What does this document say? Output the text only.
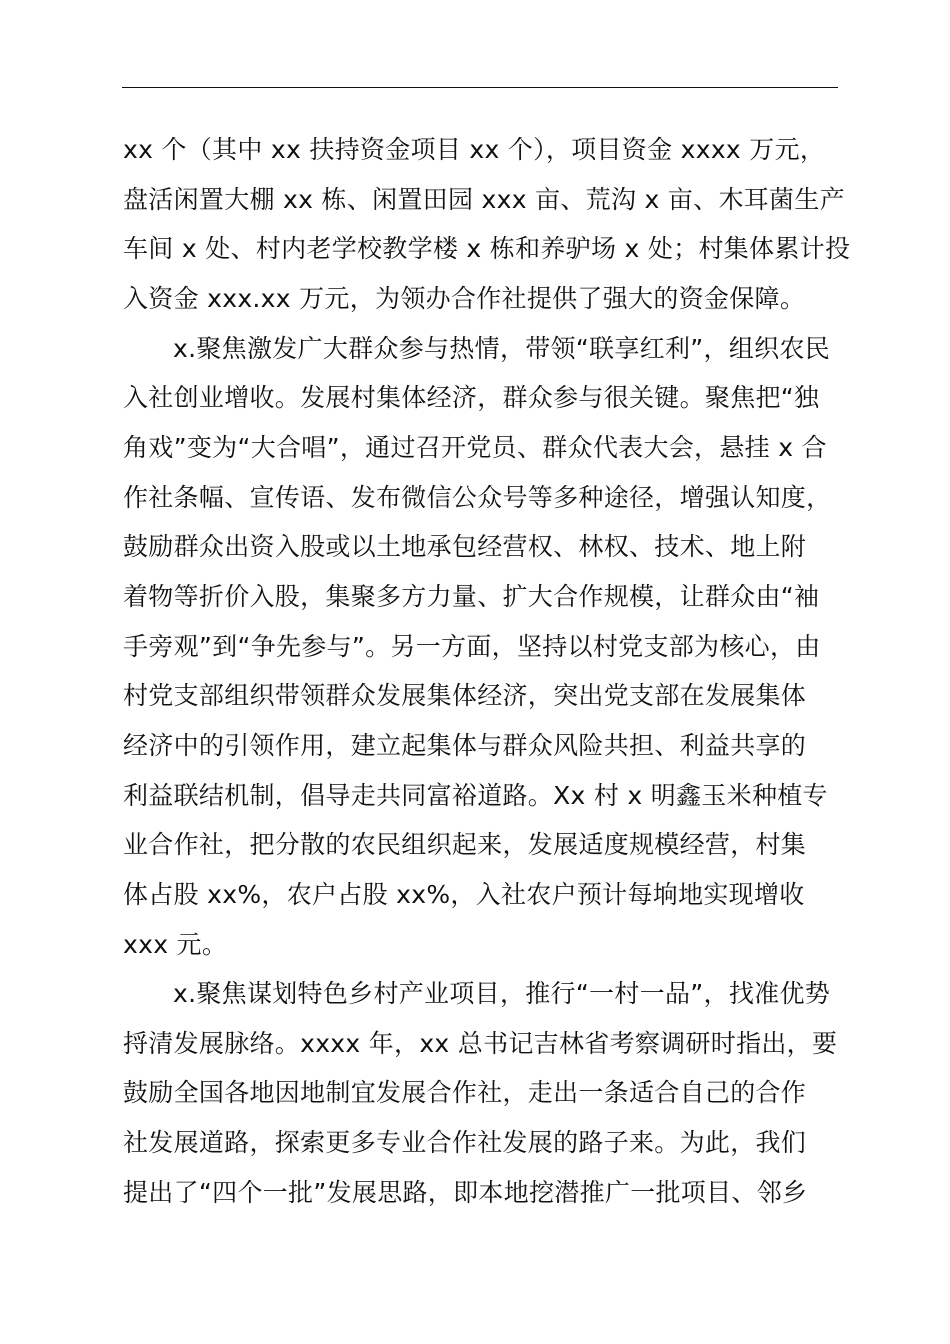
xx 个（其中 xx 扶持资金项目 xx 个），项目资金 xxxx 万元，
盘活闲置大棚 xx 栋、闲置田园 xxx 亩、荒沟 x 亩、木耳菌生产
车间 x 处、村内老学校教学楼 x 栋和养驴场 x 处；村集体累计投
入资金 xxx.xx 万元，为领办合作社提供了强大的资金保障。
x.聚焦激发广大群众参与热情，带领“联享红利”，组织农民
入社创业增收。发展村集体经济，群众参与很关键。聚焦把“独
角戏”变为“大合唱”，通过召开党员、群众代表大会，悬挂 x 合
作社条幅、宣传语、发布微信公众号等多种途径，增强认知度，
鼓励群众出资入股或以土地承包经营权、林权、技术、地上附
着物等折价入股，集聚多方力量、扩大合作规模，让群众由“袖
手旁观”到“争先参与”。另一方面，坚持以村党支部为核心，由
村党支部组织带领群众发展集体经济，突出党支部在发展集体
经济中的引领作用，建立起集体与群众风险共担、利益共享的
利益联结机制，倡导走共同富裕道路。Xx 村 x 明鑫玉米种植专
业合作社，把分散的农民组织起来，发展适度规模经营，村集
体占股 xx%，农户占股 xx%，入社农户预计每垧地实现增收
xxx 元。
x.聚焦谋划特色乡村产业项目，推行“一村一品”，找准优势
捋清发展脉络。xxxx 年，xx 总书记吉林省考察调研时指出，要
鼓励全国各地因地制宜发展合作社，走出一条适合自己的合作
社发展道路，探索更多专业合作社发展的路子来。为此，我们
提出了“四个一批”发展思路，即本地挖潜推广一批项目、邻乡
